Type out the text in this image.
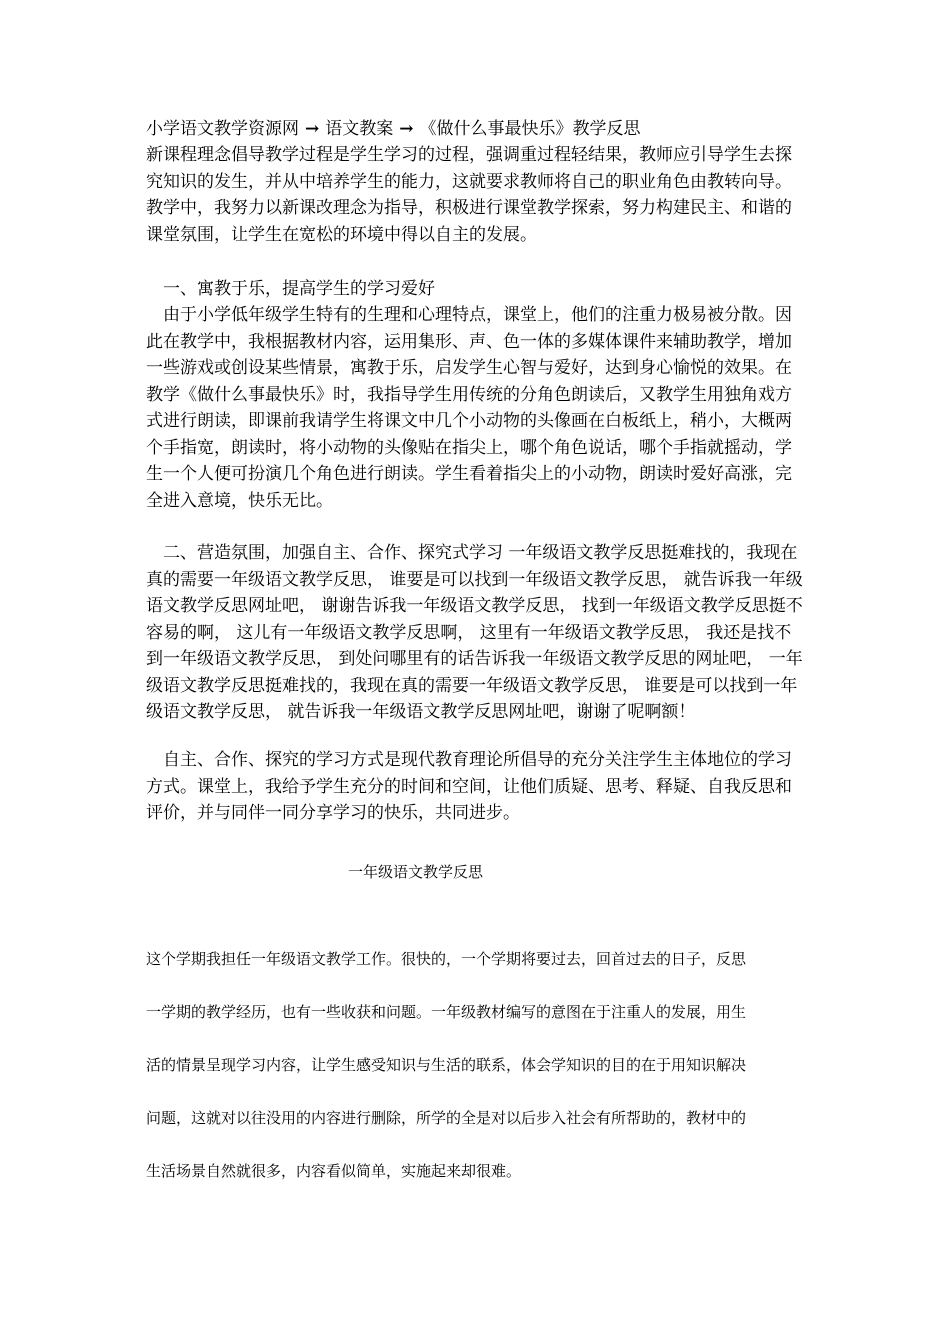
小学语文教学资源网 → 语文教案 → 《做什么事最快乐》教学反思

新课程理念倡导教学过程是学生学习的过程，强调重过程轻结果，教师应引导学生去探究知识的发生，并从中培养学生的能力，这就要求教师将自己的职业角色由教转向导。教学中，我努力以新课改理念为指导，积极进行课堂教学探索，努力构建民主、和谐的课堂氛围，让学生在宽松的环境中得以自主的发展。

　一、寓教于乐，提高学生的学习爱好

　由于小学低年级学生特有的生理和心理特点，课堂上，他们的注重力极易被分散。因此在教学中，我根据教材内容，运用集形、声、色一体的多媒体课件来辅助教学，增加一些游戏或创设某些情景，寓教于乐，启发学生心智与爱好，达到身心愉悦的效果。在教学《做什么事最快乐》时，我指导学生用传统的分角色朗读后，又教学生用独角戏方式进行朗读，即课前我请学生将课文中几个小动物的头像画在白板纸上，稍小，大概两个手指宽，朗读时，将小动物的头像贴在指尖上，哪个角色说话，哪个手指就摇动，学生一个人便可扮演几个角色进行朗读。学生看着指尖上的小动物，朗读时爱好高涨，完全进入意境，快乐无比。

　二、营造氛围，加强自主、合作、探究式学习 一年级语文教学反思挺难找的，我现在真的需要一年级语文教学反思， 谁要是可以找到一年级语文教学反思， 就告诉我一年级语文教学反思网址吧， 谢谢告诉我一年级语文教学反思， 找到一年级语文教学反思挺不容易的啊， 这儿有一年级语文教学反思啊， 这里有一年级语文教学反思， 我还是找不到一年级语文教学反思， 到处问哪里有的话告诉我一年级语文教学反思的网址吧， 一年级语文教学反思挺难找的，我现在真的需要一年级语文教学反思， 谁要是可以找到一年级语文教学反思， 就告诉我一年级语文教学反思网址吧，谢谢了呢啊额！

　自主、合作、探究的学习方式是现代教育理论所倡导的充分关注学生主体地位的学习方式。课堂上，我给予学生充分的时间和空间，让他们质疑、思考、释疑、自我反思和评价，并与同伴一同分享学习的快乐，共同进步。

一年级语文教学反思

这个学期我担任一年级语文教学工作。很快的，一个学期将要过去，回首过去的日子，反思
一学期的教学经历，也有一些收获和问题。一年级教材编写的意图在于注重人的发展，用生
活的情景呈现学习内容，让学生感受知识与生活的联系，体会学知识的目的在于用知识解决
问题，这就对以往没用的内容进行删除，所学的全是对以后步入社会有所帮助的，教材中的
生活场景自然就很多，内容看似简单，实施起来却很难。
